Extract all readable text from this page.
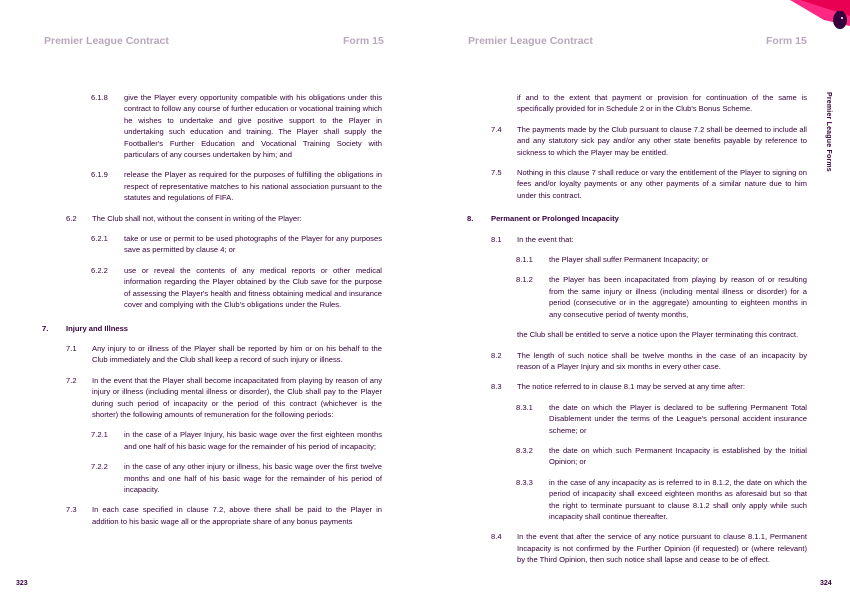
Premier League Contract	Form 15	Premier League Contract	Form 15
Premier League Forms
323	324
6.1.8 give the Player every opportunity compatible with his obligations under this contract to follow any course of further education or vocational training which he wishes to undertake and give positive support to the Player in undertaking such education and training. The Player shall supply the Footballer's Further Education and Vocational Training Society with particulars of any courses undertaken by him; and
6.1.9 release the Player as required for the purposes of fulfilling the obligations in respect of representative matches to his national association pursuant to the statutes and regulations of FIFA.
6.2 The Club shall not, without the consent in writing of the Player:
6.2.1 take or use or permit to be used photographs of the Player for any purposes save as permitted by clause 4; or
6.2.2 use or reveal the contents of any medical reports or other medical information regarding the Player obtained by the Club save for the purpose of assessing the Player's health and fitness obtaining medical and insurance cover and complying with the Club's obligations under the Rules.
7. Injury and Illness
7.1 Any injury to or illness of the Player shall be reported by him or on his behalf to the Club immediately and the Club shall keep a record of such injury or illness.
7.2 In the event that the Player shall become incapacitated from playing by reason of any injury or illness (including mental illness or disorder), the Club shall pay to the Player during such period of incapacity or the period of this contract (whichever is the shorter) the following amounts of remuneration for the following periods:
7.2.1 in the case of a Player Injury, his basic wage over the first eighteen months and one half of his basic wage for the remainder of his period of incapacity;
7.2.2 in the case of any other injury or illness, his basic wage over the first twelve months and one half of his basic wage for the remainder of his period of incapacity.
7.3 In each case specified in clause 7.2, above there shall be paid to the Player in addition to his basic wage all or the appropriate share of any bonus payments
if and to the extent that payment or provision for continuation of the same is specifically provided for in Schedule 2 or in the Club's Bonus Scheme.
7.4 The payments made by the Club pursuant to clause 7.2 shall be deemed to include all and any statutory sick pay and/or any other state benefits payable by reference to sickness to which the Player may be entitled.
7.5 Nothing in this clause 7 shall reduce or vary the entitlement of the Player to signing on fees and/or loyalty payments or any other payments of a similar nature due to him under this contract.
8. Permanent or Prolonged Incapacity
8.1 In the event that:
8.1.1 the Player shall suffer Permanent Incapacity; or
8.1.2 the Player has been incapacitated from playing by reason of or resulting from the same injury or illness (including mental illness or disorder) for a period (consecutive or in the aggregate) amounting to eighteen months in any consecutive period of twenty months,
the Club shall be entitled to serve a notice upon the Player terminating this contract.
8.2 The length of such notice shall be twelve months in the case of an incapacity by reason of a Player Injury and six months in every other case.
8.3 The notice referred to in clause 8.1 may be served at any time after:
8.3.1 the date on which the Player is declared to be suffering Permanent Total Disablement under the terms of the League's personal accident insurance scheme; or
8.3.2 the date on which such Permanent Incapacity is established by the Initial Opinion; or
8.3.3 in the case of any incapacity as is referred to in 8.1.2, the date on which the period of incapacity shall exceed eighteen months as aforesaid but so that the right to terminate pursuant to clause 8.1.2 shall only apply while such incapacity shall continue thereafter.
8.4 In the event that after the service of any notice pursuant to clause 8.1.1, Permanent Incapacity is not confirmed by the Further Opinion (if requested) or (where relevant) by the Third Opinion, then such notice shall lapse and cease to be of effect.
